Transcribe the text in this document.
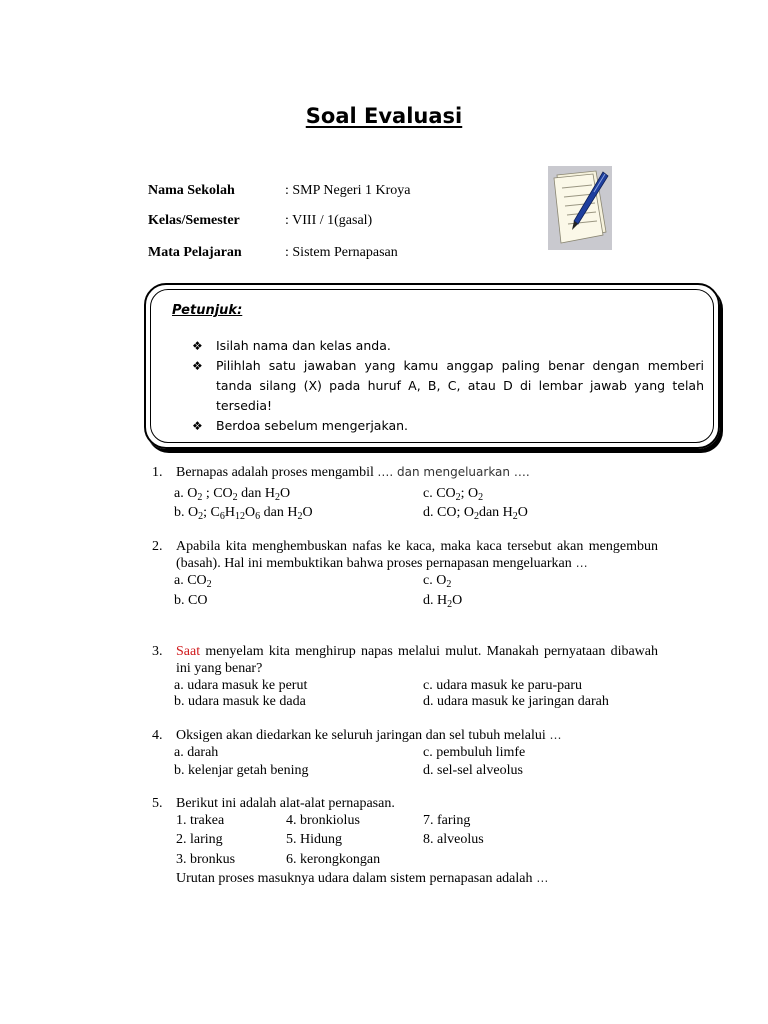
Soal Evaluasi
Nama Sekolah	: SMP Negeri 1 Kroya
Kelas/Semester	: VIII / 1(gasal)
Mata Pelajaran	: Sistem Pernapasan
Petunjuk:
❖ Isilah nama dan kelas anda.
❖ Pilihlah satu jawaban yang kamu anggap paling benar dengan memberi tanda silang (X) pada huruf A, B, C, atau D di lembar jawab yang telah tersedia!
❖ Berdoa sebelum mengerjakan.
1. Bernapas adalah proses mengambil …. dan mengeluarkan ….
a. $O_2$ ; $CO_2$ dan $H_2O$	c. $CO_2$; $O_2$
b. $O_2$; $C_6H_{12}O_6$ dan $H_2O$	d. CO; $O_2dan$ $H_2O$
2. Apabila kita menghembuskan nafas ke kaca, maka kaca tersebut akan mengembun (basah). Hal ini membuktikan bahwa proses pernapasan mengeluarkan …
a. $CO_2$	c. $O_2$
b. CO	d. $H_2O$
3. Saat menyelam kita menghirup napas melalui mulut. Manakah pernyataan dibawah ini yang benar?
a. udara masuk ke perut	c. udara masuk ke paru-paru
b. udara masuk ke dada	d. udara masuk ke jaringan darah
4. Oksigen akan diedarkan ke seluruh jaringan dan sel tubuh melalui …
a. darah	c. pembuluh limfe
b. kelenjar getah bening	d. sel-sel alveolus
5. Berikut ini adalah alat-alat pernapasan.
1. trakea	4. bronkiolus	7. faring
2. laring	5. Hidung	8. alveolus
3. bronkus	6. kerongkongan
Urutan proses masuknya udara dalam sistem pernapasan adalah …
